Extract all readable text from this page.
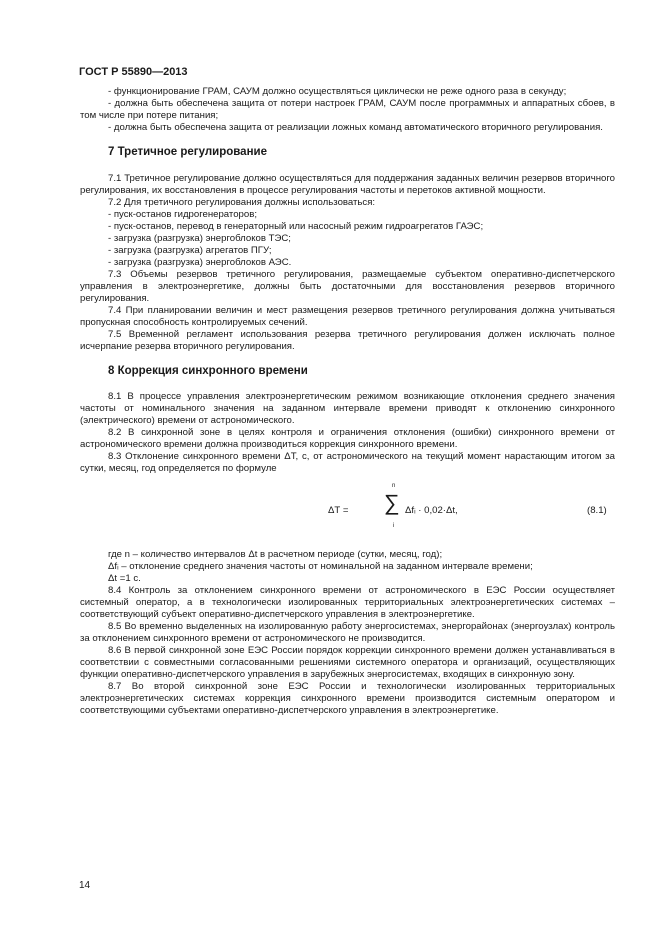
ГОСТ Р 55890—2013

- функционирование ГРАМ, САУМ должно осуществляться циклически не реже одного раза в секунду;

- должна быть обеспечена защита от потери настроек ГРАМ, САУМ после программных и аппаратных сбоев, в том числе при потере питания;

- должна быть обеспечена защита от реализации ложных команд автоматического вторичного регулирования.

7 Третичное регулирование

7.1 Третичное регулирование должно осуществляться для поддержания заданных величин резервов вторичного регулирования, их восстановления в процессе регулирования частоты и перетоков активной мощности.

7.2 Для третичного регулирования должны использоваться:

- пуск-останов гидрогенераторов;

- пуск-останов, перевод в генераторный или насосный режим гидроагрегатов ГАЭС;

- загрузка (разгрузка) энергоблоков ТЭС;

- загрузка (разгрузка) агрегатов ПГУ;

- загрузка (разгрузка) энергоблоков АЭС.

7.3 Объемы резервов третичного регулирования, размещаемые субъектом оперативно-диспетчерского управления в электроэнергетике, должны быть достаточными для восстановления резервов вторичного регулирования.

7.4 При планировании величин и мест размещения резервов третичного регулирования должна учитываться пропускная способность контролируемых сечений.

7.5 Временной регламент использования резерва третичного регулирования должен исключать полное исчерпание резерва вторичного регулирования.

8 Коррекция синхронного времени

8.1 В процессе управления электроэнергетическим режимом возникающие отклонения среднего значения частоты от номинального значения на заданном интервале времени приводят к отклонению синхронного (электрического) времени от астрономического.

8.2 В синхронной зоне в целях контроля и ограничения отклонения (ошибки) синхронного времени от астрономического времени должна производиться коррекция синхронного времени.

8.3 Отклонение синхронного времени ΔТ, с, от астрономического на текущий момент нарастающим итогом за сутки, месяц, год определяется по формуле

ΔТ =
n
∑
i
Δfᵢ · 0,02·Δt,	(8.1)

где n – количество интервалов Δt в расчетном периоде (сутки, месяц, год);

Δfᵢ – отклонение среднего значения частоты от номинальной на заданном интервале времени;

Δt =1 с.

8.4 Контроль за отклонением синхронного времени от астрономического в ЕЭС России осуществляет системный оператор, а в технологически изолированных территориальных электроэнергетических системах – соответствующий субъект оперативно-диспетчерского управления в электроэнергетике.

8.5 Во временно выделенных на изолированную работу энергосистемах, энергорайонах (энергоузлах) контроль за отклонением синхронного времени от астрономического не производится.

8.6 В первой синхронной зоне ЕЭС России порядок коррекции синхронного времени должен устанавливаться в соответствии с совместными согласованными решениями системного оператора и организаций, осуществляющих функции оперативно-диспетчерского управления в зарубежных энергосистемах, входящих в синхронную зону.

8.7 Во второй синхронной зоне ЕЭС России и технологически изолированных территориальных электроэнергетических системах коррекция синхронного времени производится системным оператором и соответствующими субъектами оперативно-диспетчерского управления в электроэнергетике.

14
